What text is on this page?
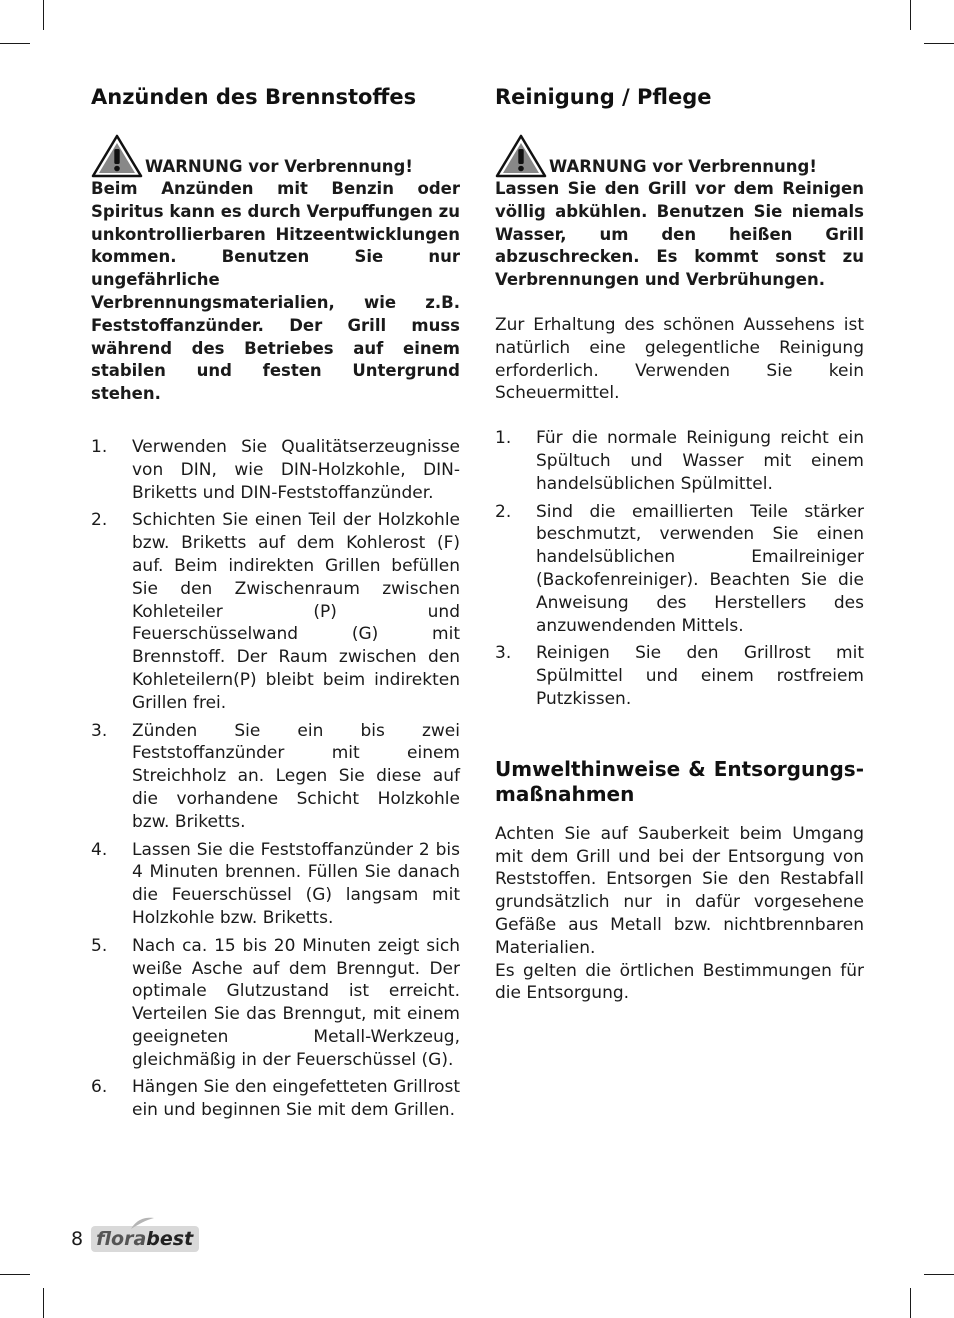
Anzünden des Brennstoffes
WARNUNG vor Verbrennung!

Beim Anzünden mit Benzin oder Spiritus kann es durch Verpuffungen zu unkontrollierbaren Hitzeentwicklungen kommen. Benutzen Sie nur ungefährliche Verbrennungsmaterialien, wie z.B. Feststoffanzünder. Der Grill muss während des Betriebes auf einem stabilen und festen Untergrund stehen.

1.	Verwenden Sie Qualitätserzeugnisse von DIN, wie DIN-Holzkohle, DIN-Briketts und DIN-Feststoffanzünder.
2.	Schichten Sie einen Teil der Holzkohle bzw. Briketts auf dem Kohlerost (F) auf. Beim indirekten Grillen befüllen Sie den Zwischenraum zwischen Kohleteiler (P) und Feuerschüsselwand (G) mit Brennstoff. Der Raum zwischen den Kohleteilern(P) bleibt beim indirekten Grillen frei.
3.	Zünden Sie ein bis zwei Feststoffanzünder mit einem Streichholz an. Legen Sie diese auf die vorhandene Schicht Holzkohle bzw. Briketts.
4.	Lassen Sie die Feststoffanzünder 2 bis 4 Minuten brennen. Füllen Sie danach die Feuerschüssel (G) langsam mit Holzkohle bzw. Briketts.
5.	Nach ca. 15 bis 20 Minuten zeigt sich weiße Asche auf dem Brenngut. Der optimale Glutzustand ist erreicht. Verteilen Sie das Brenngut, mit einem geeigneten Metall-Werkzeug, gleichmäßig in der Feuerschüssel (G).
6.	Hängen Sie den eingefetteten Grillrost ein und beginnen Sie mit dem Grillen.
Reinigung / Pflege
WARNUNG vor Verbrennung!

Lassen Sie den Grill vor dem Reinigen völlig abkühlen. Benutzen Sie niemals Wasser, um den heißen Grill abzuschrecken. Es kommt sonst zu Verbrennungen und Verbrühungen.

Zur Erhaltung des schönen Aussehens ist natürlich eine gelegentliche Reinigung erforderlich. Verwenden Sie kein Scheuermittel.

1.	Für die normale Reinigung reicht ein Spültuch und Wasser mit einem handelsüblichen Spülmittel.
2.	Sind die emaillierten Teile stärker beschmutzt, verwenden Sie einen handelsüblichen Emailreiniger (Backofenreiniger). Beachten Sie die Anweisung des Herstellers des anzuwendenden Mittels.
3.	Reinigen Sie den Grillrost mit Spülmittel und einem rostfreiem Putzkissen.
Umwelthinweise & Entsorgungs-maßnahmen

Achten Sie auf Sauberkeit beim Umgang mit dem Grill und bei der Entsorgung von Reststoffen. Entsorgen Sie den Restabfall grundsätzlich nur in dafür vorgesehene Gefäße aus Metall bzw. nichtbrennbaren Materialien.

Es gelten die örtlichen Bestimmungen für die Entsorgung.

8 florabest
